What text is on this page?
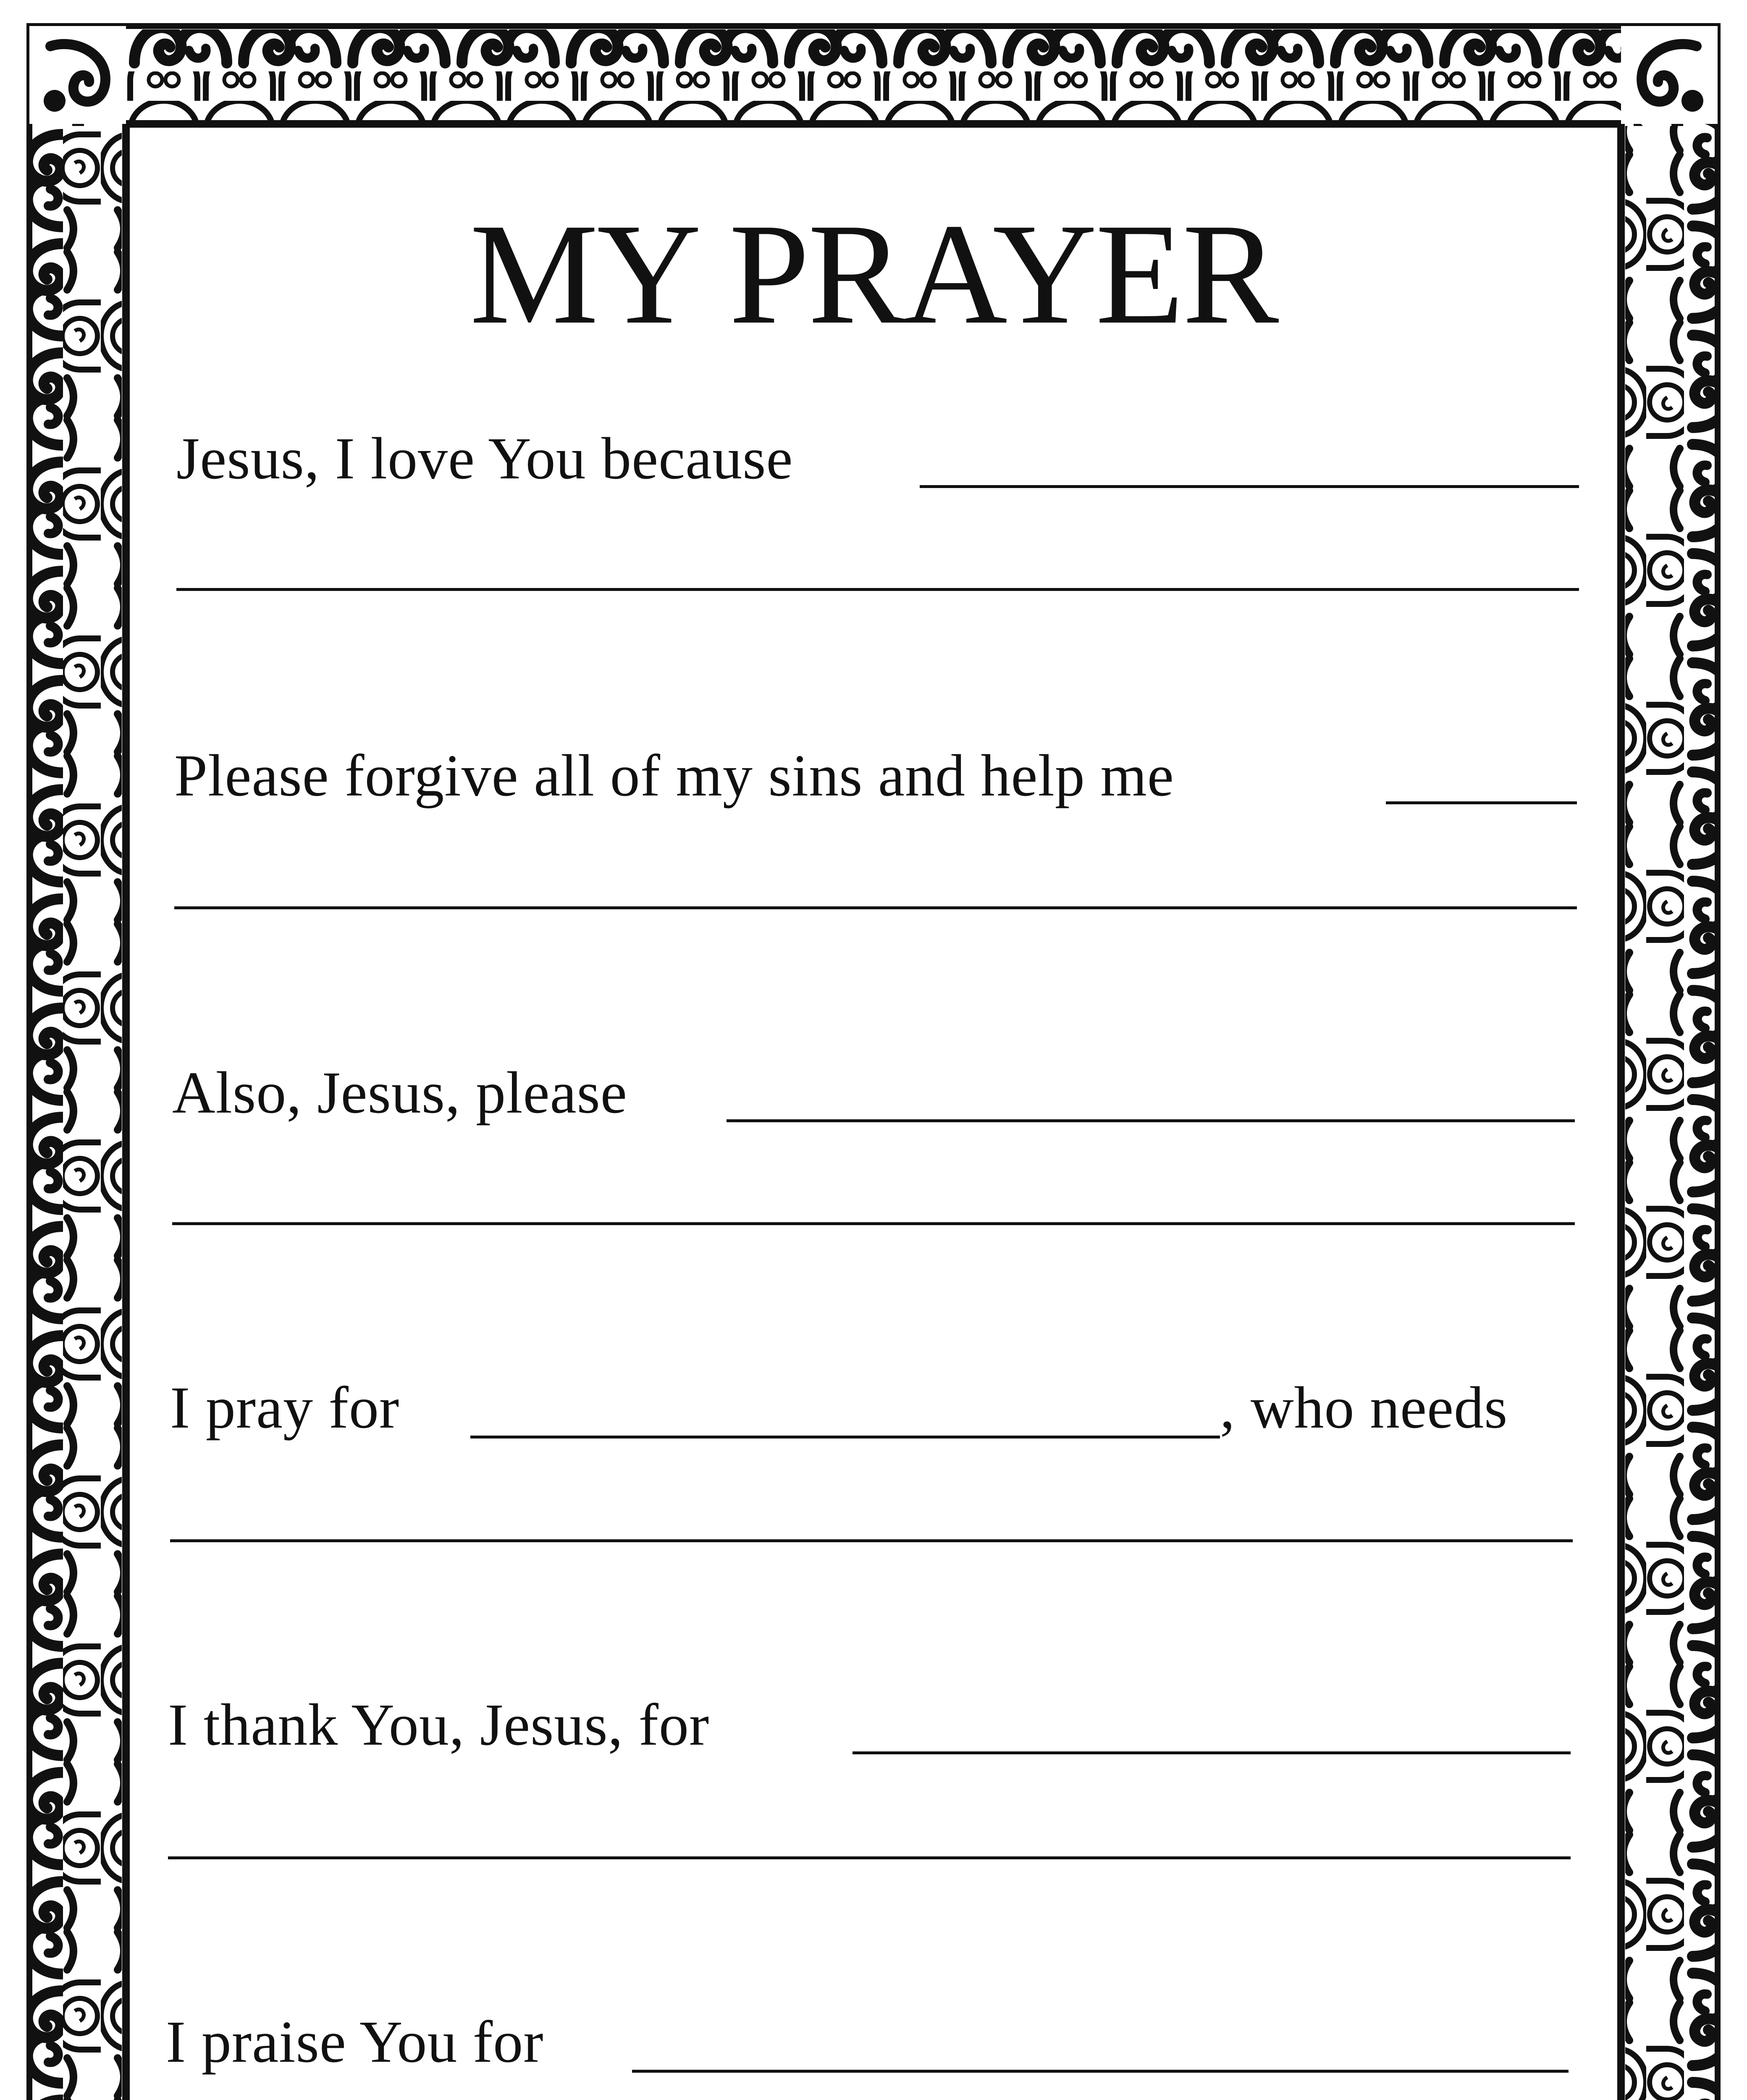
MY PRAYER
Jesus, I love You because
Please forgive all of my sins and help me
Also, Jesus, please
I pray for	, who needs
I thank You, Jesus, for
I praise You for
